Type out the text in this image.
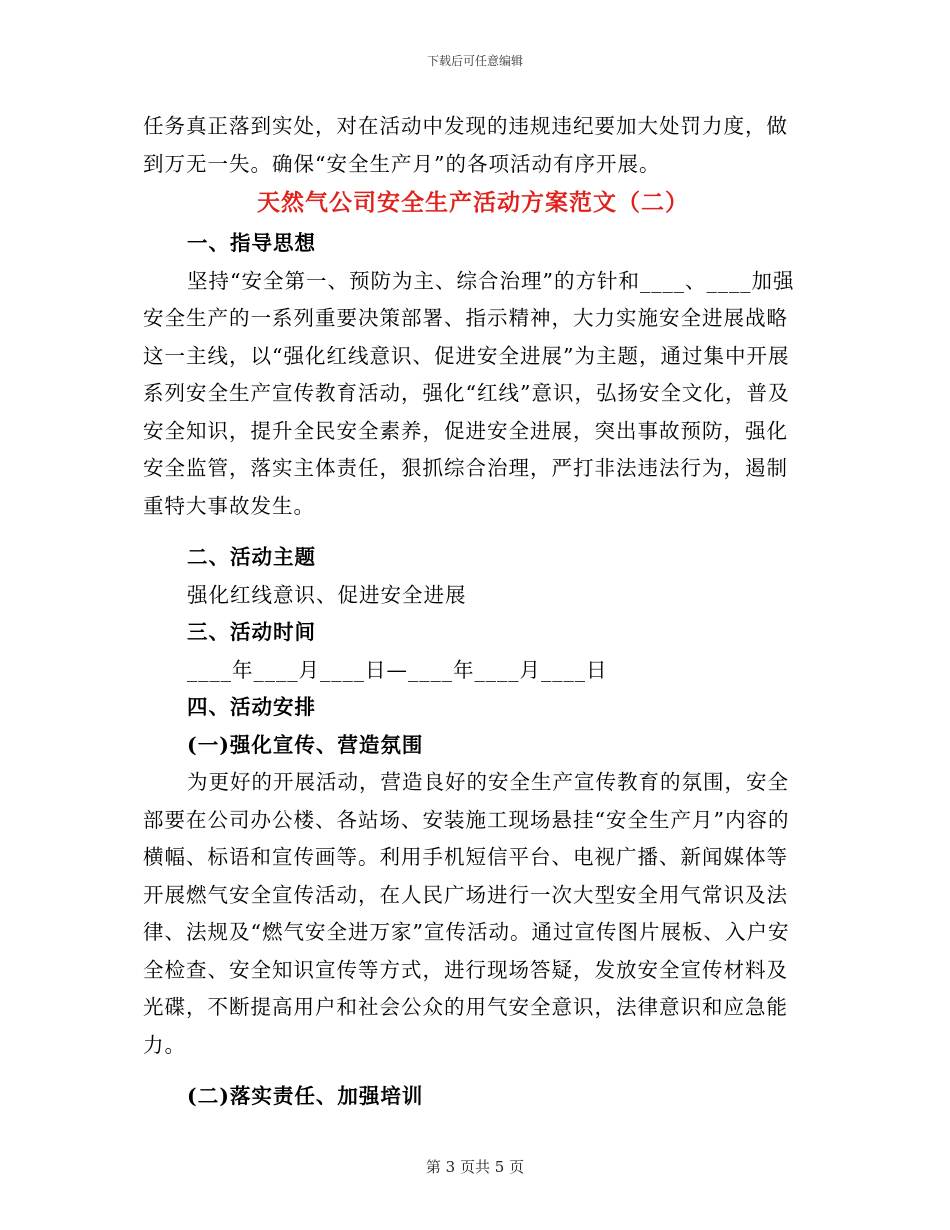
下载后可任意编辑

任务真正落到实处，对在活动中发现的违规违纪要加大处罚力度，做到万无一失。确保“安全生产月”的各项活动有序开展。

天然气公司安全生产活动方案范文（二）

一、指导思想

坚持“安全第一、预防为主、综合治理”的方针和____、____加强安全生产的一系列重要决策部署、指示精神，大力实施安全进展战略这一主线，以“强化红线意识、促进安全进展”为主题，通过集中开展系列安全生产宣传教育活动，强化“红线”意识，弘扬安全文化，普及安全知识，提升全民安全素养，促进安全进展，突出事故预防，强化安全监管，落实主体责任，狠抓综合治理，严打非法违法行为，遏制重特大事故发生。

二、活动主题

强化红线意识、促进安全进展

三、活动时间

____年____月____日—____年____月____日

四、活动安排

(一)强化宣传、营造氛围

为更好的开展活动，营造良好的安全生产宣传教育的氛围，安全部要在公司办公楼、各站场、安装施工现场悬挂“安全生产月”内容的横幅、标语和宣传画等。利用手机短信平台、电视广播、新闻媒体等开展燃气安全宣传活动，在人民广场进行一次大型安全用气常识及法律、法规及“燃气安全进万家”宣传活动。通过宣传图片展板、入户安全检查、安全知识宣传等方式，进行现场答疑，发放安全宣传材料及光碟，不断提高用户和社会公众的用气安全意识，法律意识和应急能力。

(二)落实责任、加强培训

第 3 页共 5 页
